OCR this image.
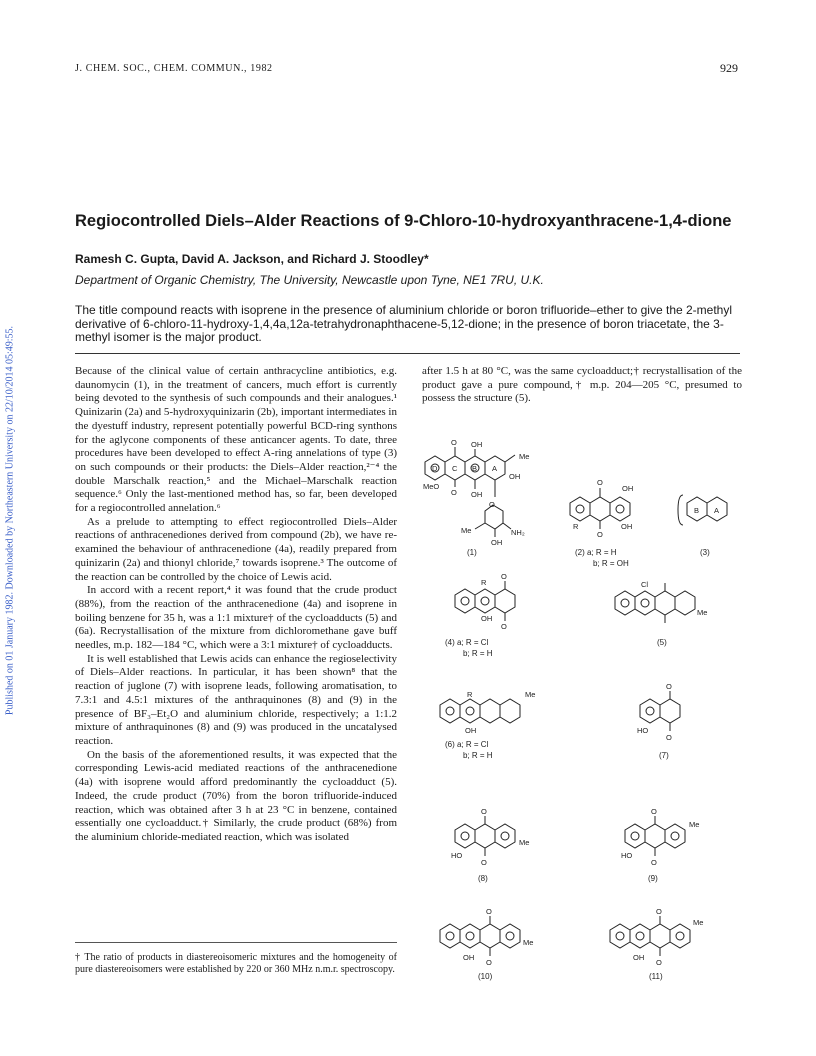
J. CHEM. SOC., CHEM. COMMUN., 1982	929
Published on 01 January 1982. Downloaded by Northeastern University on 22/10/2014 05:49:55.
Regiocontrolled Diels–Alder Reactions of 9-Chloro-10-hydroxyanthracene-1,4-dione
Ramesh C. Gupta, David A. Jackson, and Richard J. Stoodley*
Department of Organic Chemistry, The University, Newcastle upon Tyne, NE1 7RU, U.K.
The title compound reacts with isoprene in the presence of aluminium chloride or boron trifluoride–ether to give the 2-methyl derivative of 6-chloro-11-hydroxy-1,4,4a,12a-tetrahydronaphthacene-5,12-dione; in the presence of boron triacetate, the 3-methyl isomer is the major product.

Because of the clinical value of certain anthracycline antibiotics, e.g. daunomycin (1), in the treatment of cancers, much effort is currently being devoted to the synthesis of such compounds and their analogues.¹ Quinizarin (2a) and 5-hydroxyquinizarin (2b), important intermediates in the dyestuff industry, represent potentially powerful BCD-ring synthons for the aglycone components of these anticancer agents. To date, three procedures have been developed to effect A-ring annelations of type (3) on such compounds or their products: the Diels–Alder reaction,²⁻⁴ the double Marschalk reaction,⁵ and the Michael–Marschalk reaction sequence.⁶ Only the last-mentioned method has, so far, been developed for a regiocontrolled annelation.⁶

As a prelude to attempting to effect regiocontrolled Diels–Alder reactions of anthracenediones derived from compound (2b), we have re-examined the behaviour of anthracenedione (4a), readily prepared from quinizarin (2a) and thionyl chloride,⁷ towards isoprene.³ The outcome of the reaction can be controlled by the choice of Lewis acid.

In accord with a recent report,⁴ it was found that the crude product (88%), from the reaction of the anthracenedione (4a) and isoprene in boiling benzene for 35 h, was a 1:1 mixture† of the cycloadducts (5) and (6a). Recrystallisation of the mixture from dichloromethane gave buff needles, m.p. 182—184 °C, which were a 3:1 mixture† of cycloadducts.

It is well established that Lewis acids can enhance the regioselectivity of Diels–Alder reactions. In particular, it has been shown⁸ that the reaction of juglone (7) with isoprene leads, following aromatisation, to 7.3:1 and 4.5:1 mixtures of the anthraquinones (8) and (9) in the presence of BF₃–Et₂O and aluminium chloride, respectively; a 1:1.2 mixture of anthraquinones (8) and (9) was produced in the uncatalysed reaction.

On the basis of the aforementioned results, it was expected that the corresponding Lewis-acid mediated reactions of the anthracenedione (4a) with isoprene would afford predominantly the cycloadduct (5). Indeed, the crude product (70%) from the boron trifluoride-induced reaction, which was obtained after 3 h at 23 °C in benzene, contained essentially one cycloadduct.† Similarly, the crude product (68%) from the aluminium chloride-mediated reaction, which was isolated

after 1.5 h at 80 °C, was the same cycloadduct;† recrystallisation of the product gave a pure compound,† m.p. 204—205 °C, presumed to possess the structure (5).
† The ratio of products in diastereoisomeric mixtures and the homogeneity of pure diastereoisomers were established by 220 or 360 MHz n.m.r. spectroscopy.
D C B A
O OH
MeO
O OH
Me
OH
O
Me	NH₂
OH
(1)
O
OH
R
O
OH
(2) a; R = H
b; R = OH
B A
(3)
O
R
OH
O
(4) a; R = Cl
b; R = H
Cl
Me
(5)
R	Me
OH
(6) a; R = Cl
b; R = H
O
HO
O
(7)
O
Me
HO
O
(8)
O
Me
HO
O
(9)
O
Me
OH
O
(10)
O
Me
OH
O
(11)
